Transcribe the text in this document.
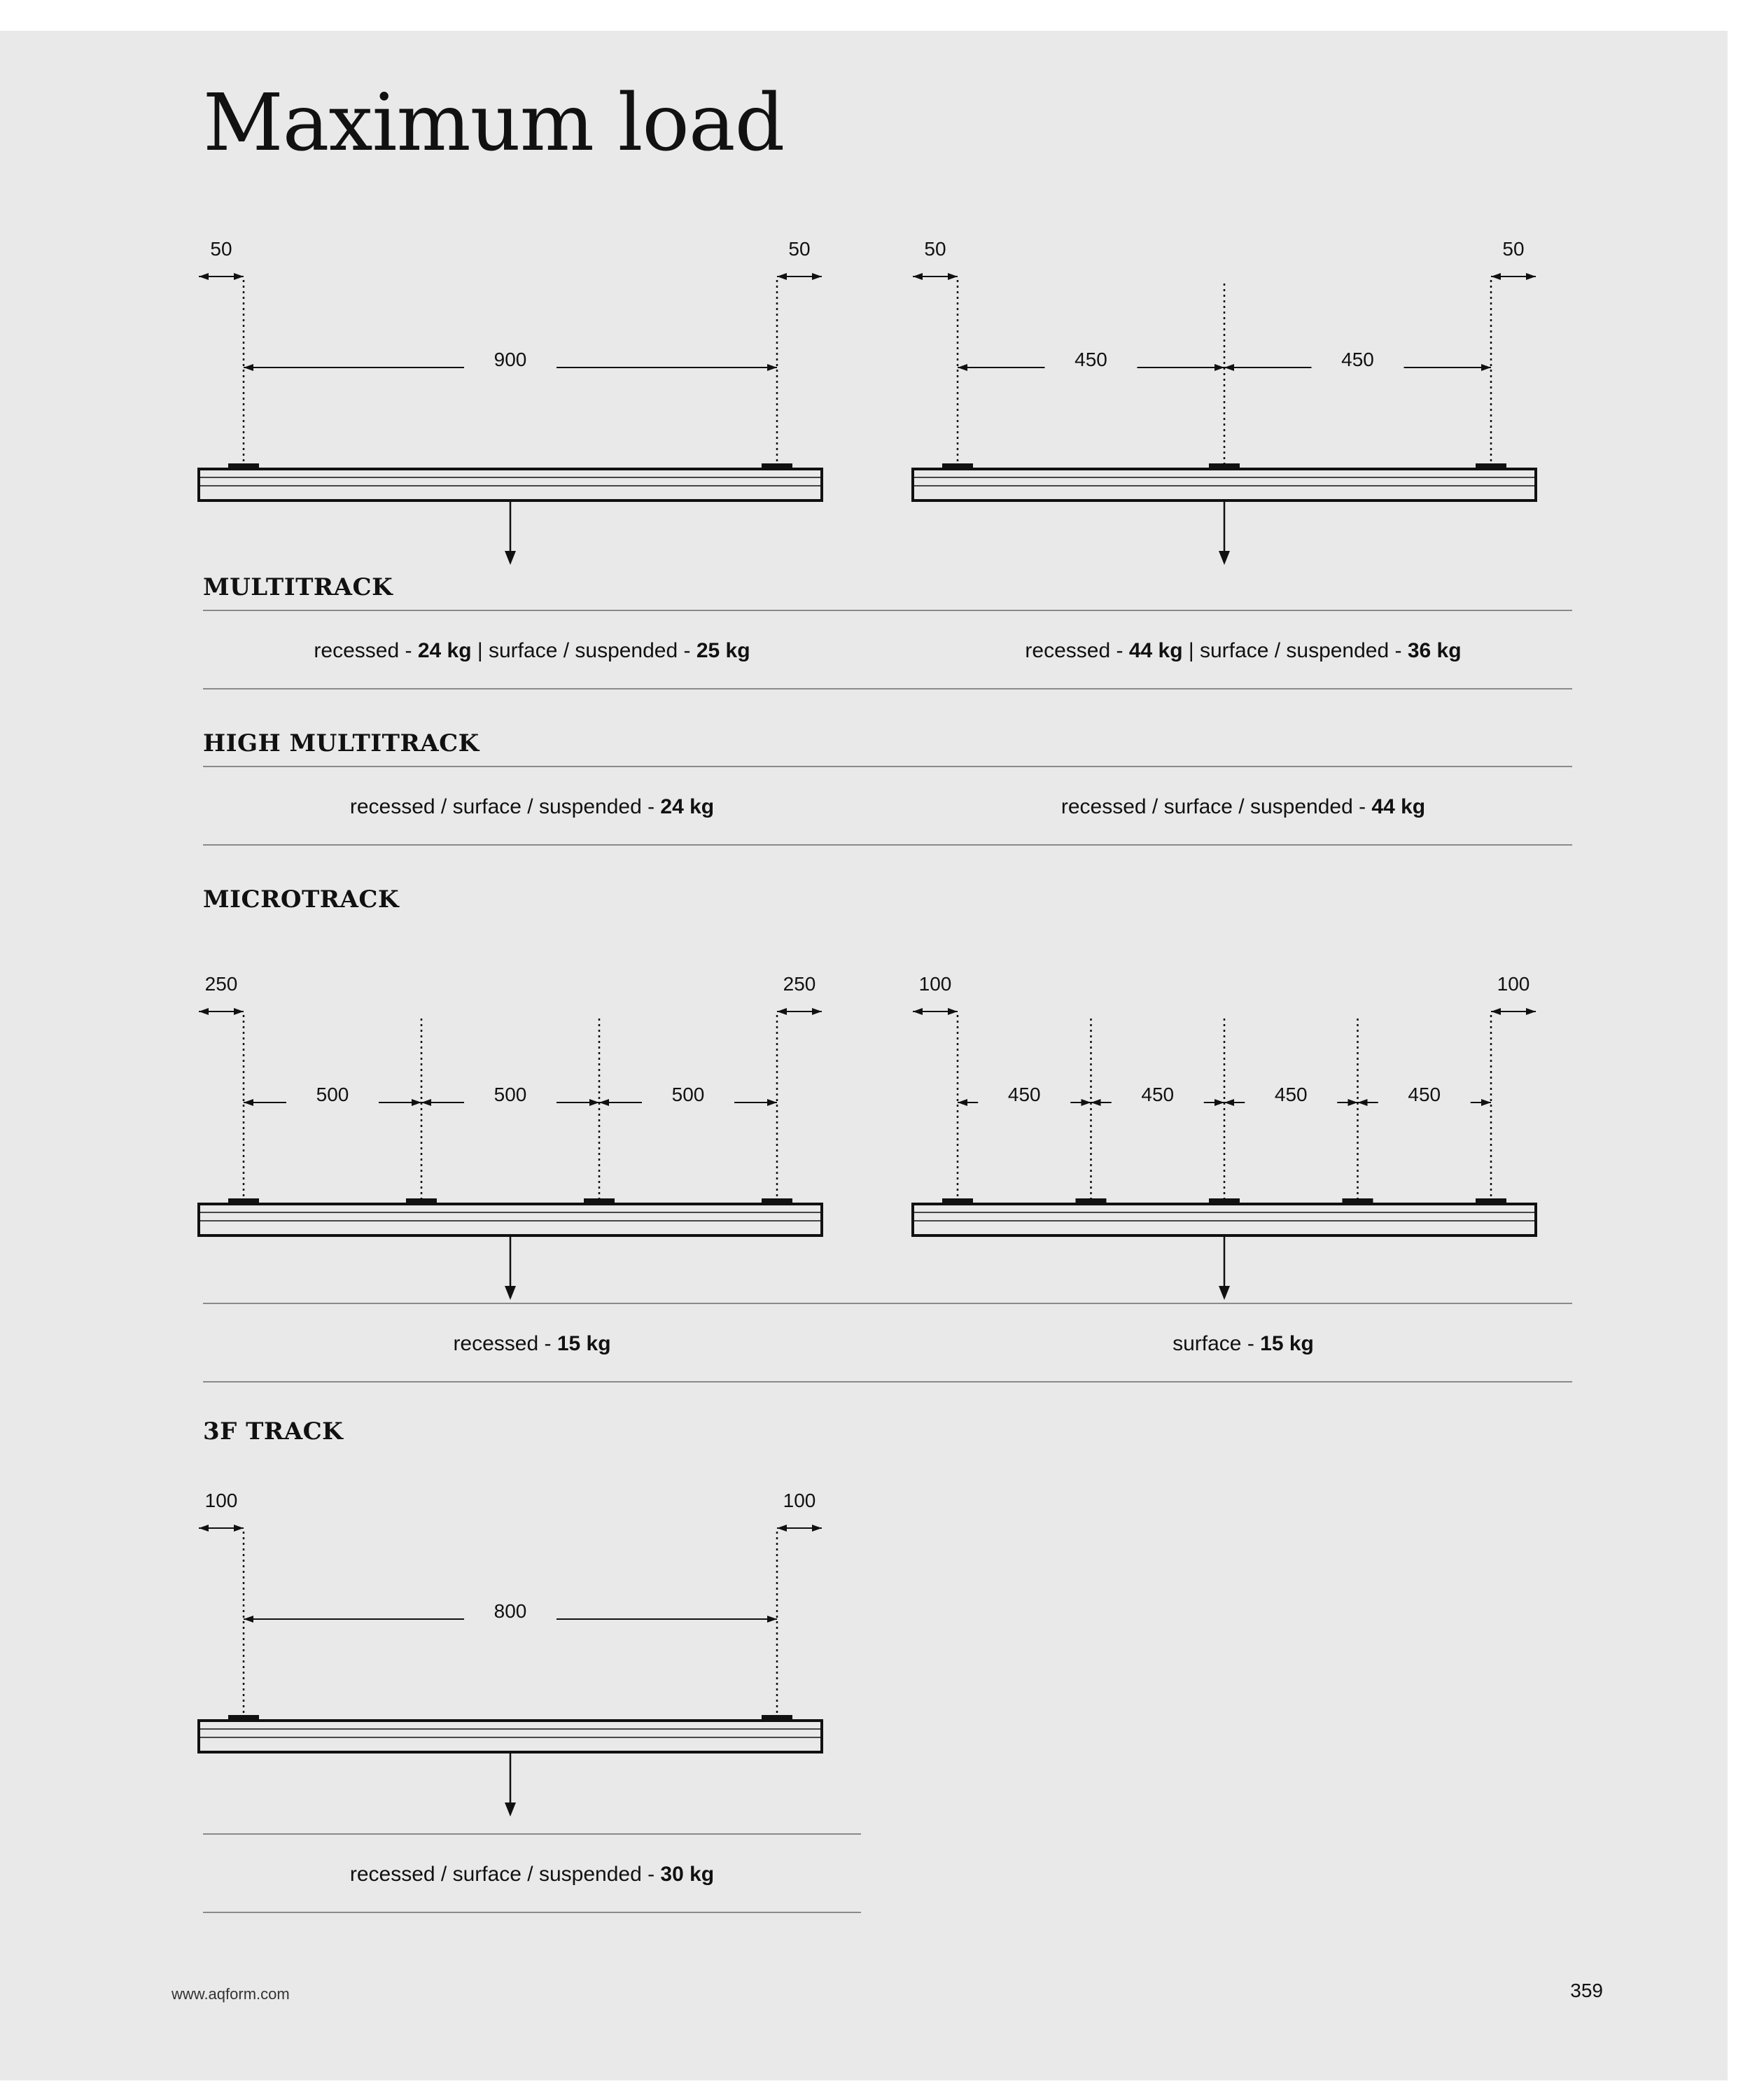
Maximum load
50	50
900
50	50
450	450
MULTITRACK
recessed - 24 kg | surface / suspended - 25 kg	recessed - 44 kg | surface / suspended - 36 kg
HIGH MULTITRACK
recessed / surface / suspended - 24 kg	recessed / surface / suspended - 44 kg
MICROTRACK
250	250
500	500	500
100	100
450	450	450	450
recessed - 15 kg	surface - 15 kg
3F TRACK
100	100
800
recessed / surface / suspended - 30 kg
www.aqform.com	359
